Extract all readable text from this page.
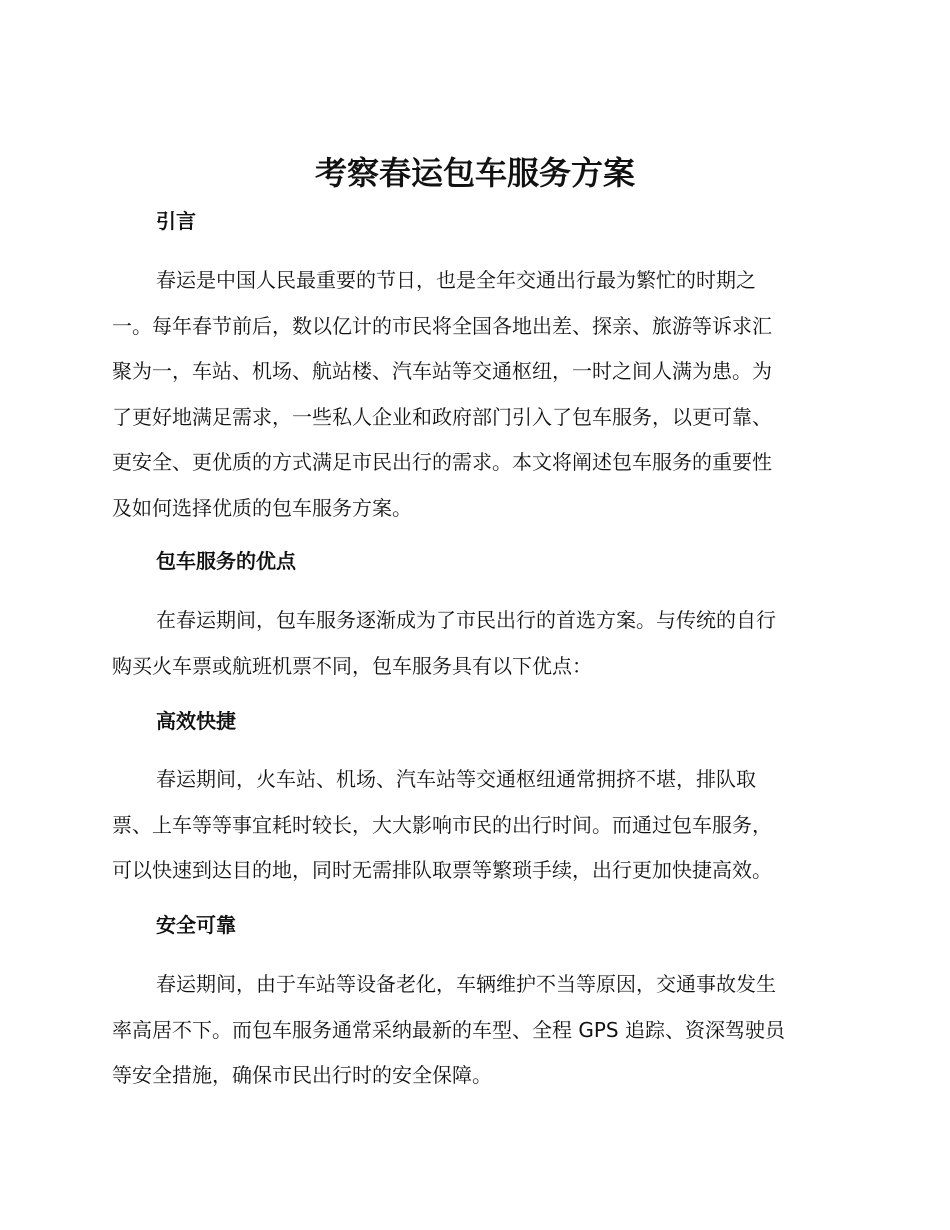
考察春运包车服务方案
引言
春运是中国人民最重要的节日，也是全年交通出行最为繁忙的时期之
一。每年春节前后，数以亿计的市民将全国各地出差、探亲、旅游等诉求汇
聚为一，车站、机场、航站楼、汽车站等交通枢纽，一时之间人满为患。为
了更好地满足需求，一些私人企业和政府部门引入了包车服务，以更可靠、
更安全、更优质的方式满足市民出行的需求。本文将阐述包车服务的重要性
及如何选择优质的包车服务方案。
包车服务的优点
在春运期间，包车服务逐渐成为了市民出行的首选方案。与传统的自行
购买火车票或航班机票不同，包车服务具有以下优点：
高效快捷
春运期间，火车站、机场、汽车站等交通枢纽通常拥挤不堪，排队取
票、上车等等事宜耗时较长，大大影响市民的出行时间。而通过包车服务，
可以快速到达目的地，同时无需排队取票等繁琐手续，出行更加快捷高效。
安全可靠
春运期间，由于车站等设备老化，车辆维护不当等原因，交通事故发生
率高居不下。而包车服务通常采纳最新的车型、全程 GPS 追踪、资深驾驶员
等安全措施，确保市民出行时的安全保障。
